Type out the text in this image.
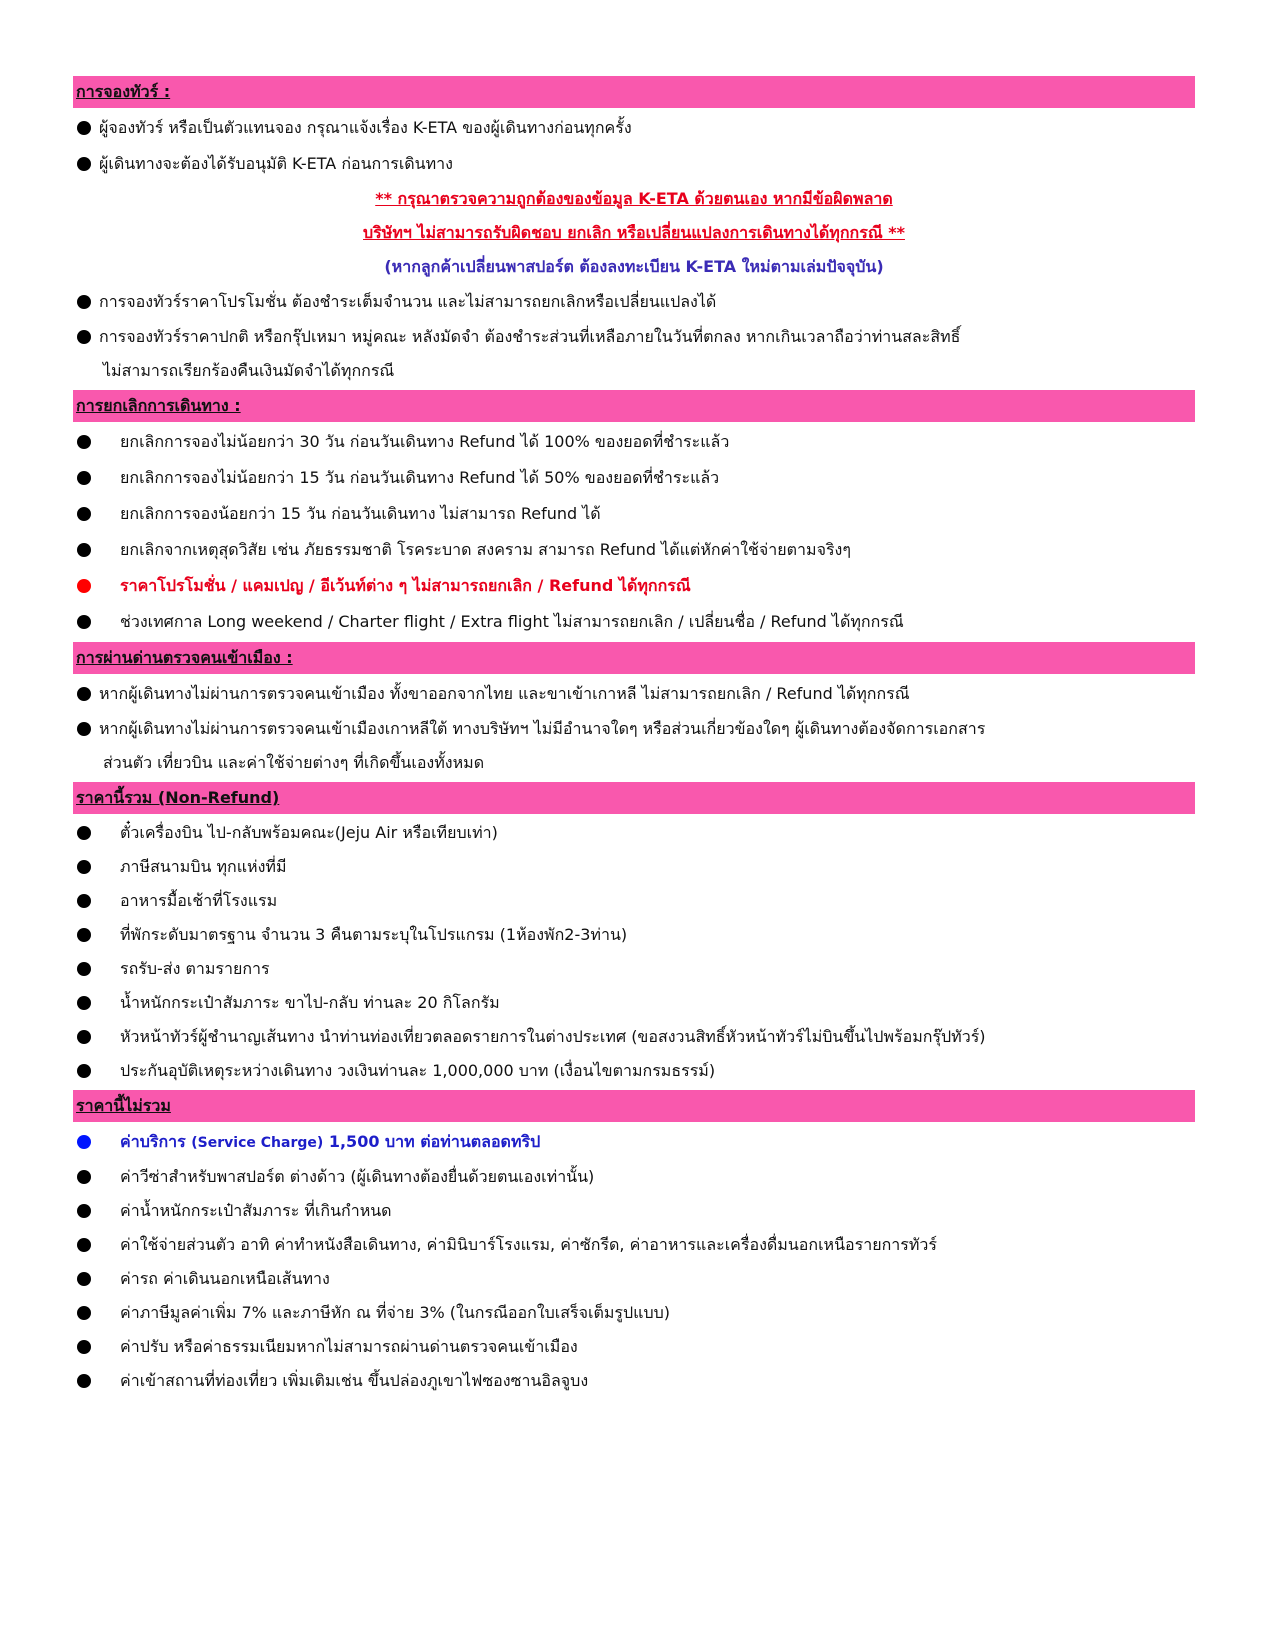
การจองทัวร์ :
ผู้จองทัวร์ หรือเป็นตัวแทนจอง กรุณาแจ้งเรื่อง K-ETA ของผู้เดินทางก่อนทุกครั้ง
ผู้เดินทางจะต้องได้รับอนุมัติ K-ETA ก่อนการเดินทาง
** กรุณาตรวจความถูกต้องของข้อมูล K-ETA ด้วยตนเอง หากมีข้อผิดพลาด
บริษัทฯ ไม่สามารถรับผิดชอบ ยกเลิก หรือเปลี่ยนแปลงการเดินทางได้ทุกกรณี **
(หากลูกค้าเปลี่ยนพาสปอร์ต ต้องลงทะเบียน K-ETA ใหม่ตามเล่มปัจจุบัน)
การจองทัวร์ราคาโปรโมชั่น ต้องชำระเต็มจำนวน และไม่สามารถยกเลิกหรือเปลี่ยนแปลงได้
การจองทัวร์ราคาปกติ หรือกรุ๊ปเหมา หมู่คณะ หลังมัดจำ ต้องชำระส่วนที่เหลือภายในวันที่ตกลง หากเกินเวลาถือว่าท่านสละสิทธิ์
ไม่สามารถเรียกร้องคืนเงินมัดจำได้ทุกกรณี
การยกเลิกการเดินทาง :
ยกเลิกการจองไม่น้อยกว่า 30 วัน ก่อนวันเดินทาง Refund ได้ 100% ของยอดที่ชำระแล้ว
ยกเลิกการจองไม่น้อยกว่า 15 วัน ก่อนวันเดินทาง Refund ได้ 50% ของยอดที่ชำระแล้ว
ยกเลิกการจองน้อยกว่า 15 วัน ก่อนวันเดินทาง ไม่สามารถ Refund ได้
ยกเลิกจากเหตุสุดวิสัย เช่น ภัยธรรมชาติ โรคระบาด สงคราม สามารถ Refund ได้แต่หักค่าใช้จ่ายตามจริงๆ
ราคาโปรโมชั่น / แคมเปญ / อีเว้นท์ต่าง ๆ ไม่สามารถยกเลิก / Refund ได้ทุกกรณี
ช่วงเทศกาล Long weekend / Charter flight / Extra flight ไม่สามารถยกเลิก / เปลี่ยนชื่อ / Refund ได้ทุกกรณี
การผ่านด่านตรวจคนเข้าเมือง :
หากผู้เดินทางไม่ผ่านการตรวจคนเข้าเมือง ทั้งขาออกจากไทย และขาเข้าเกาหลี ไม่สามารถยกเลิก / Refund ได้ทุกกรณี
หากผู้เดินทางไม่ผ่านการตรวจคนเข้าเมืองเกาหลีใต้ ทางบริษัทฯ ไม่มีอำนาจใดๆ หรือส่วนเกี่ยวข้องใดๆ ผู้เดินทางต้องจัดการเอกสาร
ส่วนตัว เที่ยวบิน และค่าใช้จ่ายต่างๆ ที่เกิดขึ้นเองทั้งหมด
ราคานี้รวม (Non-Refund)
ตั๋วเครื่องบิน ไป-กลับพร้อมคณะ(Jeju Air หรือเทียบเท่า)
ภาษีสนามบิน ทุกแห่งที่มี
อาหารมื้อเช้าที่โรงแรม
ที่พักระดับมาตรฐาน จำนวน 3 คืนตามระบุในโปรแกรม (1ห้องพัก2-3ท่าน)
รถรับ-ส่ง ตามรายการ
น้ำหนักกระเป๋าสัมภาระ ขาไป-กลับ ท่านละ 20 กิโลกรัม
หัวหน้าทัวร์ผู้ชำนาญเส้นทาง นำท่านท่องเที่ยวตลอดรายการในต่างประเทศ (ขอสงวนสิทธิ์หัวหน้าทัวร์ไม่บินขึ้นไปพร้อมกรุ๊ปทัวร์)
ประกันอุบัติเหตุระหว่างเดินทาง วงเงินท่านละ 1,000,000 บาท (เงื่อนไขตามกรมธรรม์)
ราคานี้ไม่รวม
ค่าบริการ (Service Charge) 1,500 บาท ต่อท่านตลอดทริป
ค่าวีซ่าสำหรับพาสปอร์ต ต่างด้าว (ผู้เดินทางต้องยื่นด้วยตนเองเท่านั้น)
ค่าน้ำหนักกระเป๋าสัมภาระ ที่เกินกำหนด
ค่าใช้จ่ายส่วนตัว อาทิ ค่าทำหนังสือเดินทาง, ค่ามินิบาร์โรงแรม, ค่าซักรีด, ค่าอาหารและเครื่องดื่มนอกเหนือรายการทัวร์
ค่ารถ ค่าเดินนอกเหนือเส้นทาง
ค่าภาษีมูลค่าเพิ่ม 7% และภาษีหัก ณ ที่จ่าย 3% (ในกรณีออกใบเสร็จเต็มรูปแบบ)
ค่าปรับ หรือค่าธรรมเนียมหากไม่สามารถผ่านด่านตรวจคนเข้าเมือง
ค่าเข้าสถานที่ท่องเที่ยว เพิ่มเติมเช่น ขึ้นปล่องภูเขาไฟซองซานอิลจูบง
